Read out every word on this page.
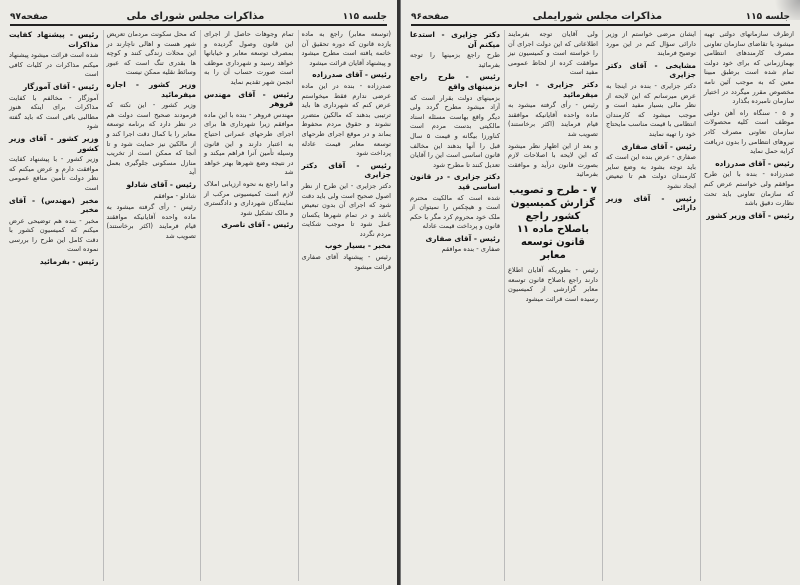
جلسه ۱۱۵
مذاکرات مجلس شورای ملی
صفحه۹۷

(توسعه معابر) راجع به ماده یازده قانون که دوره تحقیق آن خاتمه یافته است مطرح میشود و پیشنهاد آقایان قرائت میشود

رئیس - آقای صدرزاده

صدرزاده - بنده در این ماده عرضی ندارم فقط میخواستم عرض کنم که شهرداری ها باید ترتیبی بدهند که مالکین متضرر نشوند و حقوق مردم محفوظ بماند و در موقع اجرای طرحهای توسعه معابر قیمت عادله پرداخت شود

رئیس - آقای دکتر جزایری

دکتر جزایری - این طرح از نظر اصول صحیح است ولی باید دقت شود که اجرای آن بدون تبعیض باشد و در تمام شهرها یکسان عمل شود تا موجب شکایت مردم نگردد

مخبر - بسیار خوب

رئیس - پیشنهاد آقای صفاری قرائت میشود

تمام وجوهات حاصل از اجرای این قانون وصول گردیده و بمصرف توسعه معابر و خیابانها خواهد رسید و شهرداری موظف است صورت حساب آن را به انجمن شهر تقدیم نماید

رئیس - آقای مهندس فروهر

مهندس فروهر - بنده با این ماده موافقم زیرا شهرداری ها برای اجرای طرحهای عمرانی احتیاج به اعتبار دارند و این قانون وسیله تأمین آنرا فراهم میکند و در نتیجه وضع شهرها بهتر خواهد شد

و اما راجع به نحوه ارزیابی املاک لازم است کمیسیونی مرکب از نمایندگان شهرداری و دادگستری و مالک تشکیل شود

رئیس - آقای ناصری

که محل سکونت مردمان تعریض شهر هست و اهالی ناچارند در این محلات زندگی کنند و کوچه ها بقدری تنگ است که عبور وسائط نقلیه ممکن نیست

وزیر کشور - اجازه میفرمائید

وزیر کشور - این نکته که فرمودند صحیح است دولت هم در نظر دارد که برنامه توسعه معابر را با کمال دقت اجرا کند و از مالکین نیز حمایت شود و تا آنجا که ممکن است از تخریب منازل مسکونی جلوگیری بعمل آید

رئیس - آقای شادلو

شادلو - موافقم

رئیس - رأی گرفته میشود به ماده واحده آقایانیکه موافقند قیام فرمایند (اکثر برخاستند) تصویب شد

رئیس - پیشنهاد کفایت مذاکرات

شده است قرائت میشود پیشنهاد میکنم مذاکرات در کلیات کافی است

رئیس - آقای آموزگار

آموزگار - مخالفم با کفایت مذاکرات برای اینکه هنوز مطالبی باقی است که باید گفته شود

وزیر کشور - آقای وزیر کشور

وزیر کشور - با پیشنهاد کفایت موافقت دارم و عرض میکنم که نظر دولت تأمین منافع عمومی است

مخبر (مهندس) - آقای مخبر

مخبر - بنده هم توضیحی عرض میکنم که کمیسیون کشور با دقت کامل این طرح را بررسی نموده است

رئیس - بفرمائید

جلسه ۱۱۵
مذاکرات مجلس شورایملی
صفحه۹۶

ازطرف سازمانهای دولتی تهیه میشود یا تقاضای سازمان تعاونی مصرف کارمندهای انتظامی بهماززمانی که برای خود دولت تمام شده است برطبق مبینا معین که به موجب آئین نامه مخصوص مقرر میگردد در اختیار سازمان نامبرده بگذارد

و ۵ - سنگاه راه آهن دولتی موظف است کلیه محصولات سازمان تعاونی مصرف کادر نیروهای انتظامی را بدون دریافت کرایه حمل نماید

رئیس - آقای صدرزاده

صدرزاده - بنده با این طرح موافقم ولی خواستم عرض کنم که سازمان تعاونی باید تحت نظارت دقیق باشد

رئیس - آقای وزیر کشور

ایشان مرضی خواستم از وزیر دارائی سؤال کنم در این مورد توضیح فرمایند

مشایخی - آقای دکتر جزایری

دکتر جزایری - بنده در اینجا به عرض میرسانم که این لایحه از نظر مالی بسیار مفید است و موجب میشود که کارمندان انتظامی با قیمت مناسب مایحتاج خود را تهیه نمایند

رئیس - آقای صفاری

صفاری - عرض بنده این است که باید توجه بشود به وضع سایر کارمندان دولت هم تا تبعیض ایجاد نشود

رئیس - آقای وزیر دارائی

ولی آقایان توجه بفرمایند اطلاعاتی که این دولت اجرای آن را خواسته است و کمیسیون نیز موافقت کرده از لحاظ عمومی مفید است

دکتر جزایری - اجازه میفرمائید

رئیس - رأی گرفته میشود به ماده واحده آقایانیکه موافقند قیام فرمایند (اکثر برخاستند) تصویب شد

و بعد از این اظهار نظر میشود که این لایحه با اصلاحات لازم بصورت قانون درآید و موافقت بفرمائید

۷ - طرح و تصویب گزارش کمیسیون کشور راجع باصلاح ماده ۱۱ قانون توسعه معابر

رئیس - بطوریکه آقایان اطلاع دارند راجع باصلاح قانون توسعه معابر گزارشی از کمیسیون رسیده است قرائت میشود

دکتر جزایری - استدعا میکنم آن

طرح راجع بزمینها را توجه بفرمائید

رئیس - طرح راجع بزمینهای واقع

بزمینهای دولت بقرار است که آزاد میشود مطرح گردد ولی دیگر واقع بهاست مسئله اسناد مالکیتی بدست مردم است کناورزا بیگانه و قیمت ۵ سال قبل را آنها بدهند این مخالف قانون اساسی است این را آقایان تعدیل کنند تا مطرح شود

دکتر جزایری - در قانون اساسی قید

شده است که مالکیت محترم است و هیچکس را نمیتوان از ملک خود محروم کرد مگر با حکم قانون و پرداخت قیمت عادله

رئیس - آقای صفاری

صفاری - بنده موافقم
